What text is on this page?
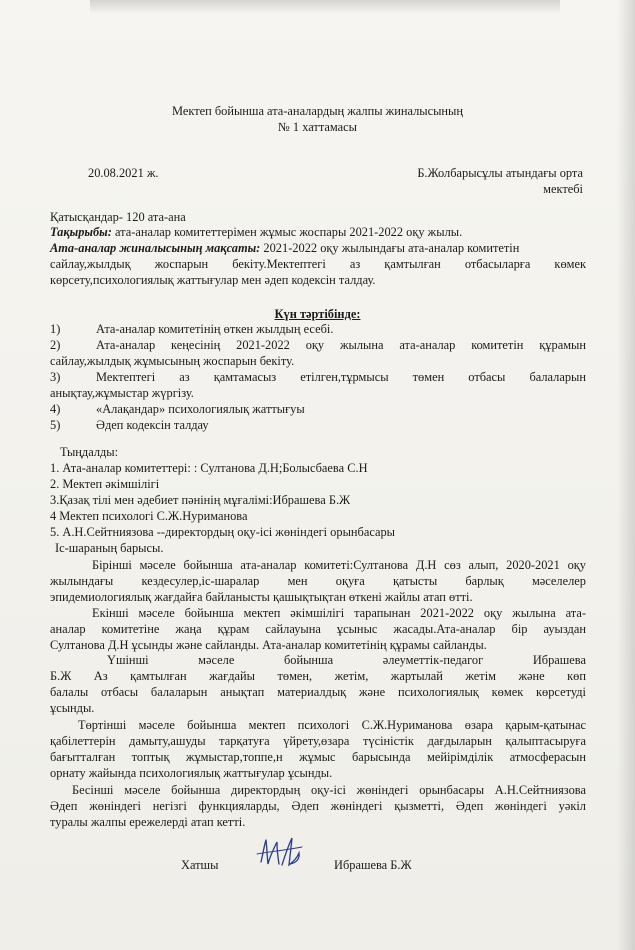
Мектеп бойынша ата-аналардың жалпы жиналысының
№ 1 хаттамасы
20.08.2021 ж.	Б.Жолбарысұлы атындағы орта
мектебі
Қатысқандар- 120 ата-ана
Тақырыбы: ата-аналар комитеттерімен жұмыс жоспары 2021-2022 оқу жылы.
Ата-аналар жиналысының мақсаты: 2021-2022 оқу жылындағы ата-аналар комитетін
сайлау,жылдық жоспарын бекіту.Мектептегі аз қамтылған отбасыларға көмек
көрсету,психологиялық жаттығулар мен әдеп кодексін талдау.
Күн тәртібінде:
1)	Ата-аналар комитетінің өткен жылдың есебі.
2)	Ата-аналар кеңесінің 2021-2022 оқу жылына ата-аналар комитетін құрамын
сайлау,жылдық жұмысының жоспарын бекіту.
3)	Мектептегі аз қамтамасыз етілген,тұрмысы төмен отбасы балаларын
анықтау,жұмыстар жүргізу.
4)	«Алақандар» психологиялық жаттығуы
5)	Әдеп кодексін талдау
Тыңдалды:
1. Ата-аналар комитеттері: : Султанова Д.Н;Болысбаева С.Н
2. Мектеп әкімшілігі
3.Қазақ тілі мен әдебиет пәнінің мұғалімі:Ибрашева Б.Ж
4 Мектеп психологі С.Ж.Нуриманова
5. А.Н.Сейтниязова --директордың оқу-ісі жөніндегі орынбасары
Іс-шараның барысы.
Бірінші мәселе бойынша ата-аналар комитеті:Султанова Д.Н сөз алып, 2020-2021 оқу
жылындағы кездесулер,іс-шаралар мен оқуға қатысты барлық мәселелер
эпидемиологиялық жағдайға байланысты қашықтықтан өткені жайлы атап өтті.
Екінші мәселе бойынша мектеп әкімшілігі тарапынан 2021-2022 оқу жылына ата-
аналар комитетіне жаңа құрам сайлауына ұсыныс жасады.Ата-аналар бір ауыздан
Султанова Д.Н ұсынды және сайланды. Ата-аналар комитетінің құрамы сайланды.
Үшінші мәселе бойынша әлеуметтік-педагог Ибрашева
Б.Ж Аз қамтылған жағдайы төмен, жетім, жартылай жетім және көп
балалы отбасы балаларын анықтап материалдық және психологиялық көмек көрсетуді
ұсынды.
Төртінші мәселе бойынша мектеп психологі С.Ж.Нуриманова өзара қарым-қатынас
қабілеттерін дамыту,ашуды тарқатуға үйрету,өзара түсіністік дағдыларын қалыптасыруға
бағытталған топтық жұмыстар,топпе,н жұмыс барысында мейірімділік атмосферасын
орнату жайында психологиялық жаттығулар ұсынды.
Бесінші мәселе бойынша директордың оқу-ісі жөніндегі орынбасары А.Н.Сейтниязова
Әдеп жөніндегі негізгі функцияларды, Әдеп жөніндегі қызметті, Әдеп жөніндегі уәкіл
туралы жалпы ережелерді атап кетті.
Хатшы	Ибрашева Б.Ж
